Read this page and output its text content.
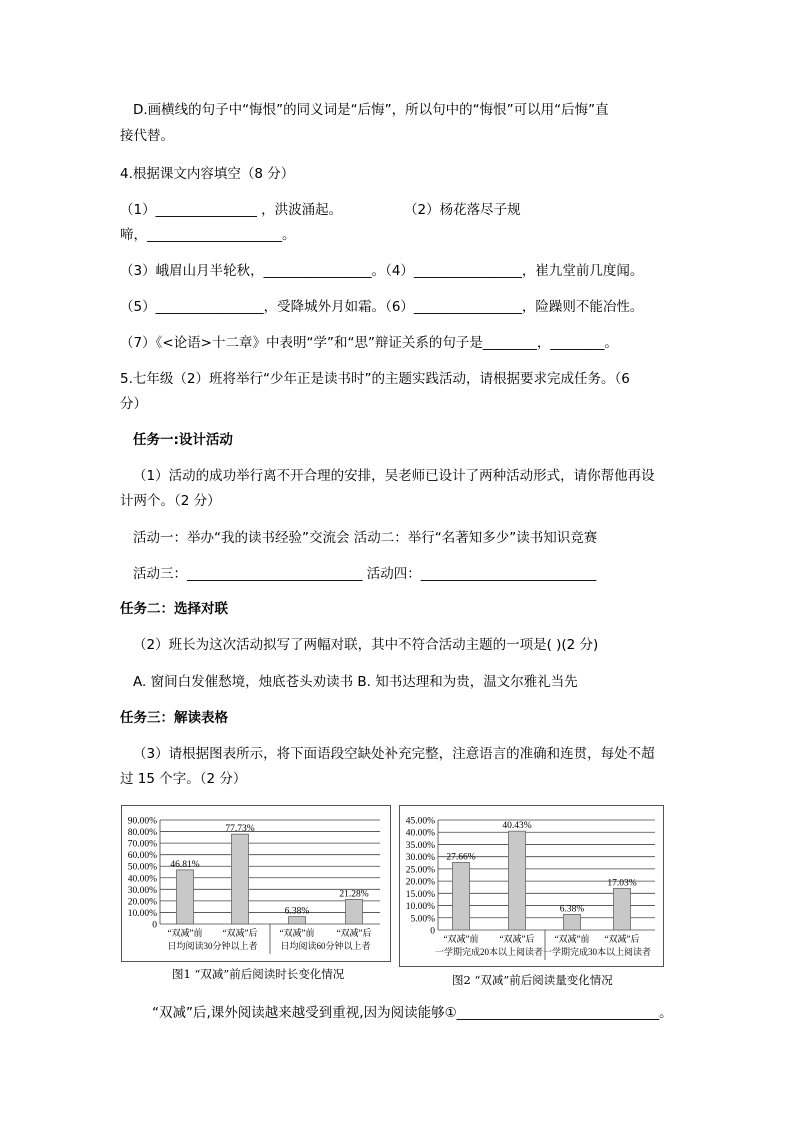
D.画横线的句子中“悔恨”的同义词是“后悔”，所以句中的“悔恨”可以用“后悔”直
接代替。
4.根据课文内容填空（8 分）
（1）_______________ ，洪波涌起。	（2）杨花落尽子规
啼，____________________。
（3）峨眉山月半轮秋，________________。（4）________________，崔九堂前几度闻。
（5）________________，受降城外月如霜。（6）________________，险躁则不能冶性。
（7）《<论语>十二章》中表明“学”和“思”辩证关系的句子是________，________。
5.七年级（2）班将举行“少年正是读书时”的主题实践活动，请根据要求完成任务。（6
分）
任务一:设计活动
（1）活动的成功举行离不开合理的安排，吴老师已设计了两种活动形式，请你帮他再设
计两个。（2 分）
活动一：举办“我的读书经验”交流会 活动二：举行“名著知多少”读书知识竞赛
活动三：__________________________ 活动四：__________________________
任务二：选择对联
（2）班长为这次活动拟写了两幅对联，其中不符合活动主题的一项是( )(2 分)
A. 窗间白发催愁境，烛底苍头劝读书 B. 知书达理和为贵，温文尔雅礼当先
任务三：解读表格
（3）请根据图表所示，将下面语段空缺处补充完整，注意语言的准确和连贯，每处不超
过 15 个字。（2 分）
0
10.00%
20.00%
30.00%
40.00%
50.00%
60.00%
70.00%
80.00%
90.00%
46.81%
“双减”前
77.73%
“双减”后
6.38%
“双减”前
21.28%
“双减”后
日均阅读30分钟以上者	日均阅读60分钟以上者
图1 “双减”前后阅读时长变化情况
0
5.00%
10.00%
15.00%
20.00%
25.00%
30.00%
35.00%
40.00%
45.00%
27.66%
“双减”前
40.43%
“双减”后
6.38%
“双减”前
17.03%
“双减”后
一学期完成20本以上阅读者 一学期完成30本以上阅读者
图2 “双减”前后阅读量变化情况
“双减”后,课外阅读越来越受到重视,因为阅读能够①______________________________。
